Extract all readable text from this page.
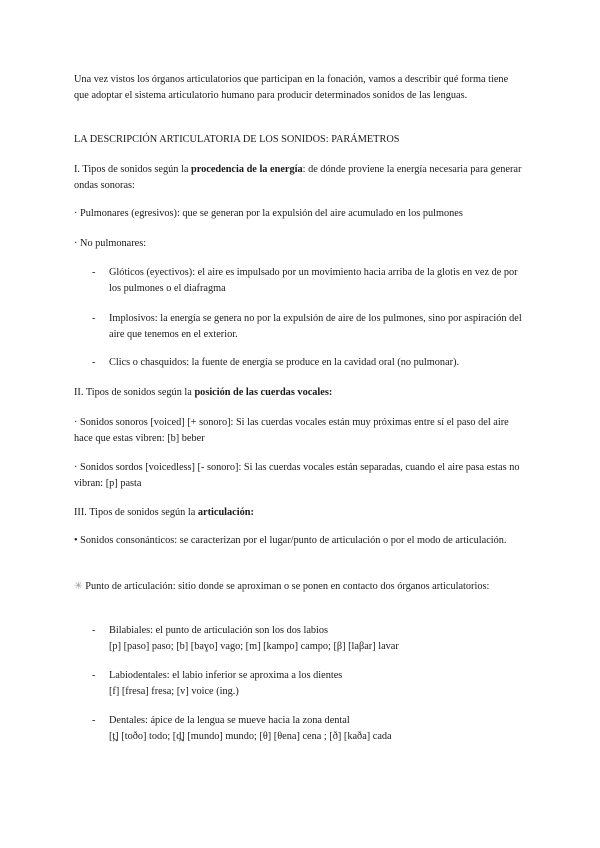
Una vez vistos los órganos articulatorios que participan en la fonación, vamos a describir qué forma tiene que adoptar el sistema articulatorio humano para producir determinados sonidos de las lenguas.

LA DESCRIPCIÓN ARTICULATORIA DE LOS SONIDOS: PARÁMETROS

I. Tipos de sonidos según la procedencia de la energía: de dónde proviene la energía necesaria para generar ondas sonoras:

· Pulmonares (egresivos): que se generan por la expulsión del aire acumulado en los pulmones

· No pulmonares:

-	Glóticos (eyectivos): el aire es impulsado por un movimiento hacia arriba de la glotis en vez de por los pulmones o el diafragma
-	Implosivos: la energía se genera no por la expulsión de aire de los pulmones, sino por aspiración del aire que tenemos en el exterior.
-	Clics o chasquidos: la fuente de energía se produce en la cavidad oral (no pulmonar).

II. Tipos de sonidos según la posición de las cuerdas vocales:

· Sonidos sonoros [voiced] [+ sonoro]: Si las cuerdas vocales están muy próximas entre sí el paso del aire hace que estas vibren: [b] beber

· Sonidos sordos [voicedless] [- sonoro]: Si las cuerdas vocales están separadas, cuando el aire pasa estas no vibran: [p] pasta

III. Tipos de sonidos según la articulación:

• Sonidos consonánticos: se caracterizan por el lugar/punto de articulación o por el modo de articulación.

✳ Punto de articulación: sitio donde se aproximan o se ponen en contacto dos órganos articulatorios:

-	Bilabiales: el punto de articulación son los dos labios
[p] [paso] paso; [b] [baɣo] vago; [m] [kampo] campo; [β] [laβar] lavar
-	Labiodentales: el labio inferior se aproxima a los dientes
[f] [fresa] fresa; [v] voice (ing.)
-	Dentales: ápice de la lengua se mueve hacia la zona dental
[t̪] [toðo] todo; [d̪] [mundo] mundo; [θ] [θena] cena ; [ð] [kaða] cada
